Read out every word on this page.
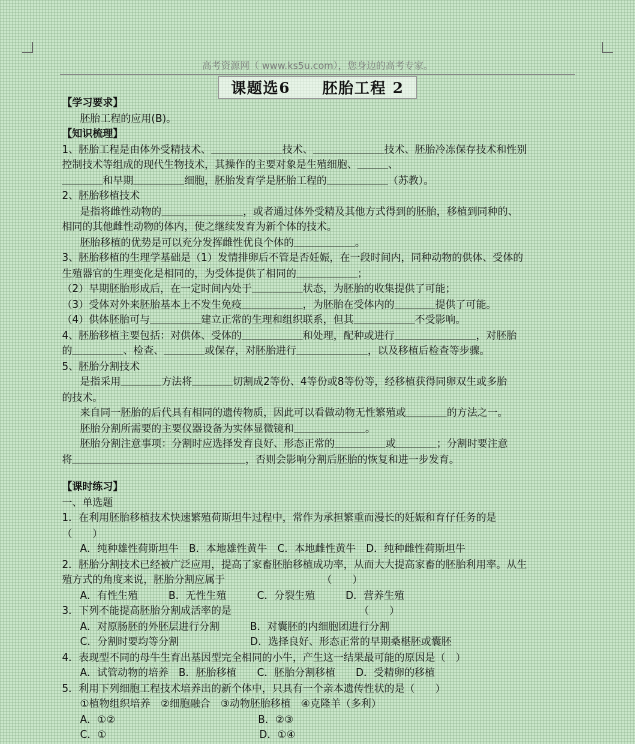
高考资源网（ www.ks5u.com），您身边的高考专家。
课题选6　　胚胎工程 2

【学习要求】

胚胎工程的应用(B)。

【知识梳理】

1、胚胎工程是由体外受精技术、＿＿＿＿＿＿＿技术、＿＿＿＿＿＿＿技术、胚胎冷冻保存技术和性别

控制技术等组成的现代生物技术，其操作的主要对象是生殖细胞、＿＿＿、

＿＿＿＿和早期＿＿＿＿＿细胞，胚胎发育学是胚胎工程的＿＿＿＿＿＿（苏教）。

2、胚胎移植技术

是指将雌性动物的＿＿＿＿＿＿＿＿，或者通过体外受精及其他方式得到的胚胎，移植到同种的、

相同的其他雌性动物的体内，使之继续发育为新个体的技术。

胚胎移植的优势是可以充分发挥雌性优良个体的＿＿＿＿＿＿。

3、胚胎移植的生理学基础是（1）发情排卵后不管是否妊娠，在一段时间内，同种动物的供体、受体的

生殖器官的生理变化是相同的，为受体提供了相同的＿＿＿＿＿＿；

（2）早期胚胎形成后，在一定时间内处于＿＿＿＿＿状态，为胚胎的收集提供了可能；

（3）受体对外来胚胎基本上不发生免疫＿＿＿＿＿＿，为胚胎在受体内的＿＿＿＿提供了可能。

（4）供体胚胎可与＿＿＿＿＿建立正常的生理和组织联系，但其＿＿＿＿＿＿不受影响。

4、胚胎移植主要包括：对供体、受体的＿＿＿＿＿＿和处理，配种或进行＿＿＿＿＿＿＿＿，对胚胎

的＿＿＿＿＿、检查、＿＿＿＿或保存，对胚胎进行＿＿＿＿＿＿＿，以及移植后检查等步骤。

5、胚胎分割技术

是指采用＿＿＿＿方法将＿＿＿＿切割成2等份、4等份或8等份等，经移植获得同卵双生或多胎

的技术。

来自同一胚胎的后代具有相同的遗传物质，因此可以看做动物无性繁殖或＿＿＿＿的方法之一。

胚胎分割所需要的主要仪器设备为实体显微镜和＿＿＿＿＿＿＿。

胚胎分割注意事项：分割时应选择发育良好、形态正常的＿＿＿＿＿或＿＿＿＿；分割时要注意

将＿＿＿＿＿＿＿＿＿＿＿＿＿＿＿＿＿，否则会影响分割后胚胎的恢复和进一步发育。

【课时练习】

一、单选题

1．在利用胚胎移植技术快速繁殖荷斯坦牛过程中，常作为承担繁重而漫长的妊娠和育仔任务的是

（　　）

A．纯种雄性荷斯坦牛　B．本地雄性黄牛　C．本地雌性黄牛　D．纯种雌性荷斯坦牛

2．胚胎分割技术已经被广泛应用，提高了家畜胚胎移植成功率，从而大大提高家畜的胚胎利用率。从生

殖方式的角度来说，胚胎分割应属于　　　　　　　　　　（　　）

A．有性生殖　　　B．无性生殖　　　C．分裂生殖　　　D．营养生殖

3．下列不能提高胚胎分割成活率的是　　　　　　　　　　　　　（　　）

A．对原肠胚的外胚层进行分割　　　B．对囊胚的内细胞团进行分割

C．分割时要均等分割　　　　　　　D．选择良好、形态正常的早期桑椹胚或囊胚

4．表现型不同的母牛生育出基因型完全相同的小牛，产生这一结果最可能的原因是（　）

A．试管动物的培养　B．胚胎移植　　C．胚胎分割移植　　D．受精卵的移植

5．利用下列细胞工程技术培养出的新个体中，只具有一个亲本遗传性状的是（　　）

①植物组织培养　②细胞融合　③动物胚胎移植　④克隆羊（多利）

A．①②　　　　　　　　　　　　　　B．②③

C．①　　　　　　　　　　　　　　　D．①④
